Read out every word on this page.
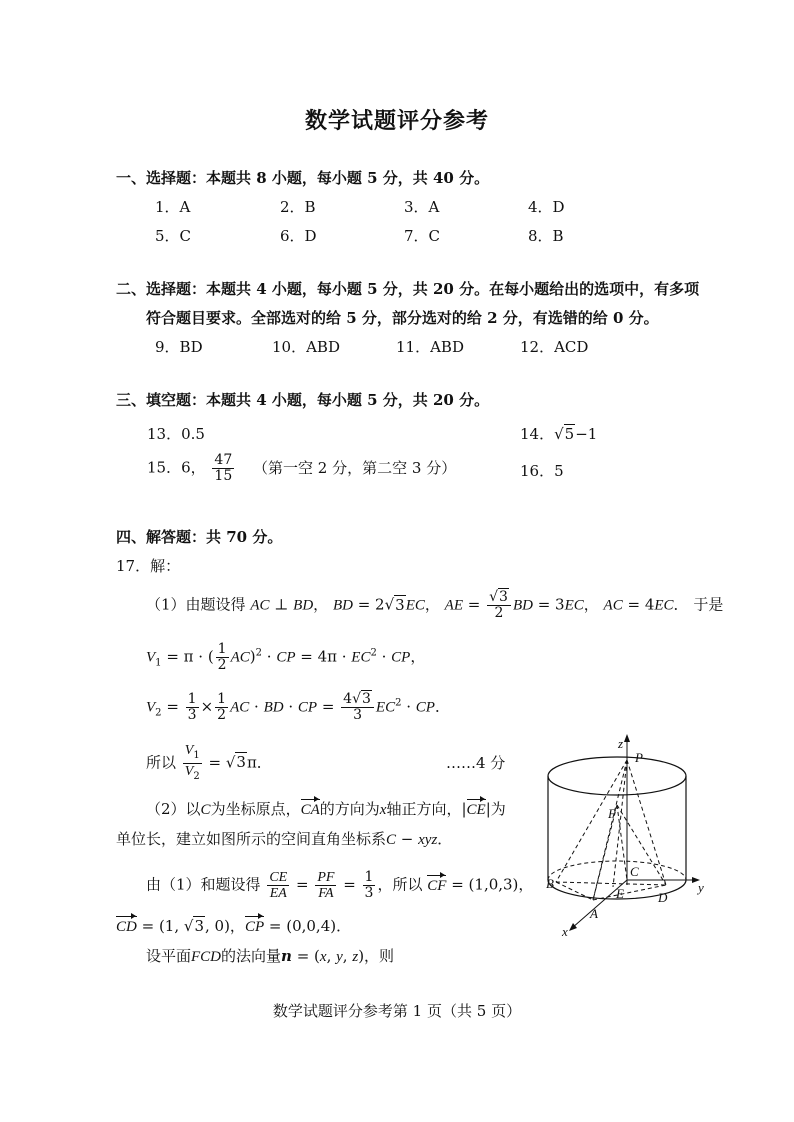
数学试题评分参考
一、选择题：本题共 8 小题，每小题 5 分，共 40 分。
1．A	2．B	3．A	4．D
5．C	6．D	7．C	8．B
二、选择题：本题共 4 小题，每小题 5 分，共 20 分。在每小题给出的选项中，有多项
符合题目要求。全部选对的给 5 分，部分选对的给 2 分，有选错的给 0 分。
9．BD	10．ABD	11．ABD	12．ACD
三、填空题：本题共 4 小题，每小题 5 分，共 20 分。
13．0.5	14．√5−1
15．6， $\frac{47}{15}$ （第一空 2 分，第二空 3 分）	16．5
四、解答题：共 70 分。
17．解：
（1）由题设得 AC ⊥ BD， BD = 2√3EC， AE = $\frac{√3}{2}$ BD = 3EC， AC = 4EC． 于是
$V_1 = \pi$ · ( $\frac{1}{2} AC)^2$ · CP = $4\pi \cdot EC^2$ · CP，
$V_2 = \frac{1}{3} \times \frac{1}{2}$ AC · BD · CP = $\frac{4√3}{3} EC^2$ · CP．
所以 $\frac{V_1}{V_2} = √3\pi$．	……4 分
（2）以C为坐标原点，CA的方向为x轴正方向，|CE|为
单位长，建立如图所示的空间直角坐标系C − xyz．
由（1）和题设得 $\frac{CE}{EA} = \frac{PF}{FA} = \frac{1}{3}$ ，所以 CF = (1,0,3)，
CD = (1, √3, 0)，CP = (0,0,4)．
设平面FCD的法向量n = (x, y, z)，则
z
P
F
C
B
E	D
A
y
x
数学试题评分参考第 1 页（共 5 页）
